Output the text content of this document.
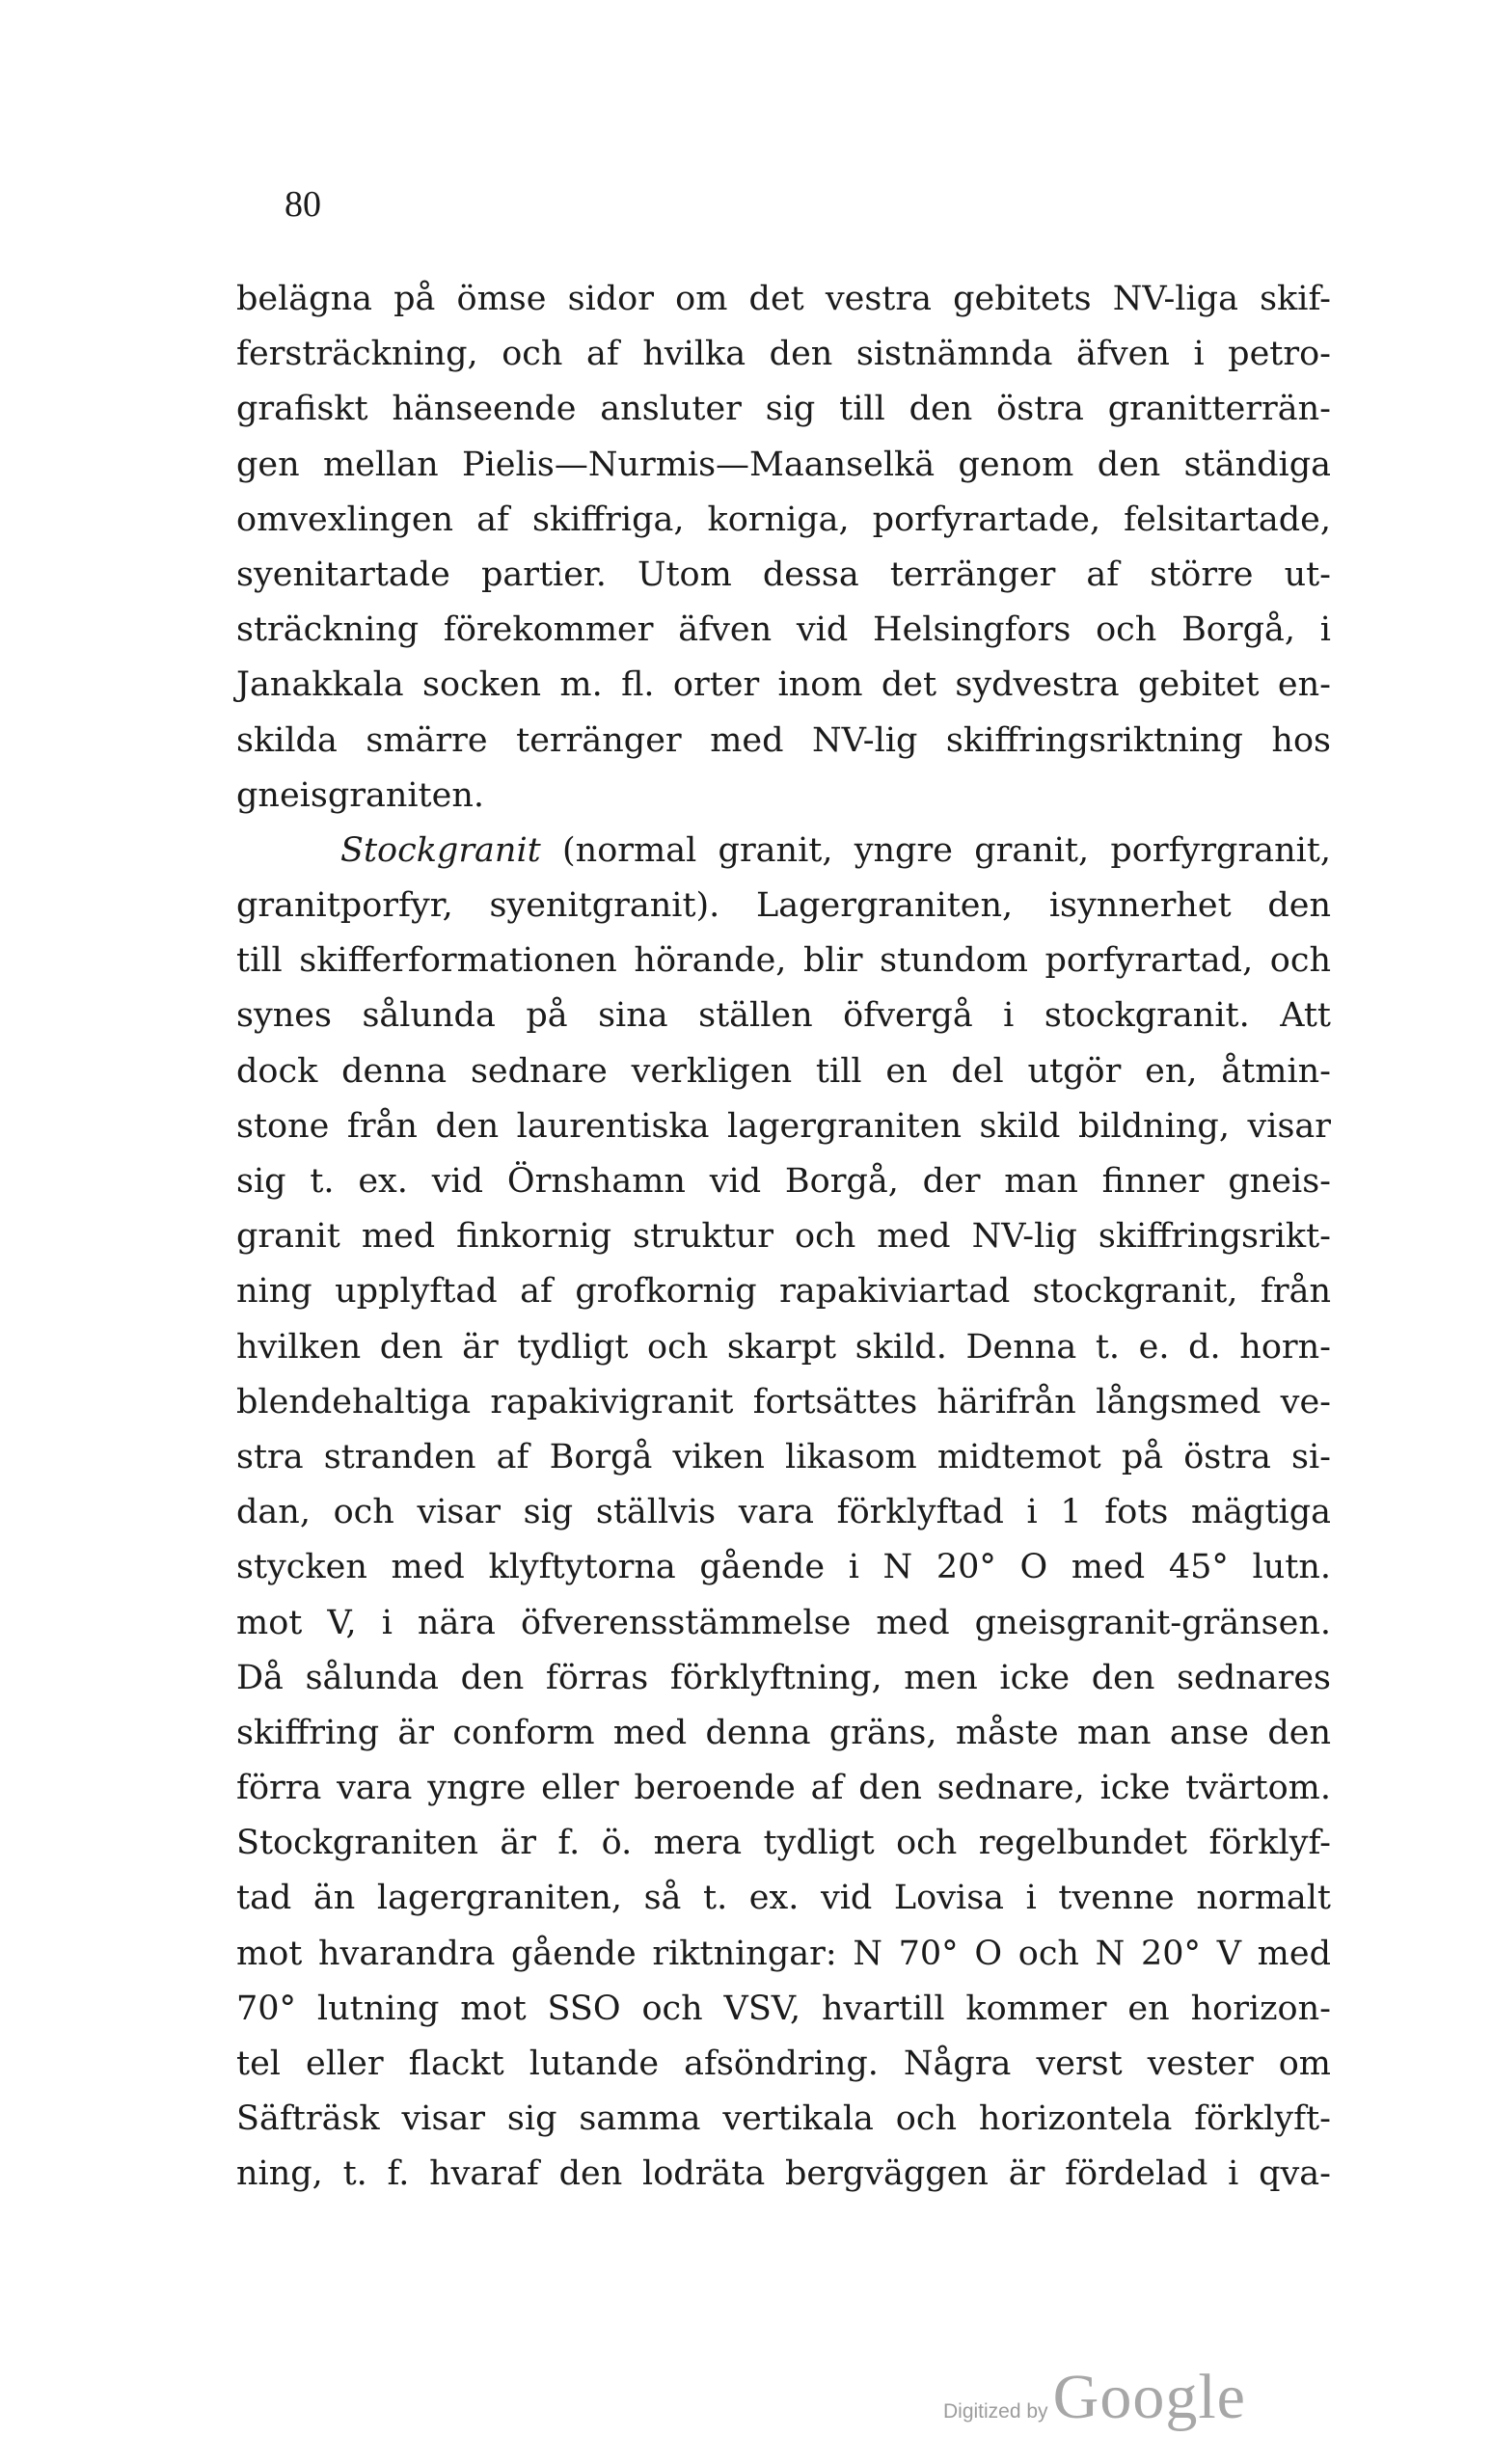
80
belägna på ömse sidor om det vestra gebitets NV-liga skif-
fersträckning, och af hvilka den sistnämnda äfven i petro-
grafiskt hänseende ansluter sig till den östra granitterrän-
gen mellan Pielis—Nurmis—Maanselkä genom den ständiga
omvexlingen af skiffriga, korniga, porfyrartade, felsitartade,
syenitartade partier. Utom dessa terränger af större ut-
sträckning förekommer äfven vid Helsingfors och Borgå, i
Janakkala socken m. fl. orter inom det sydvestra gebitet en-
skilda smärre terränger med NV-lig skiffringsriktning hos
gneisgraniten.
Stockgranit (normal granit, yngre granit, porfyrgranit,
granitporfyr, syenitgranit). Lagergraniten, isynnerhet den
till skifferformationen hörande, blir stundom porfyrartad, och
synes sålunda på sina ställen öfvergå i stockgranit. Att
dock denna sednare verkligen till en del utgör en, åtmin-
stone från den laurentiska lagergraniten skild bildning, visar
sig t. ex. vid Örnshamn vid Borgå, der man finner gneis-
granit med finkornig struktur och med NV-lig skiffringsrikt-
ning upplyftad af grofkornig rapakiviartad stockgranit, från
hvilken den är tydligt och skarpt skild. Denna t. e. d. horn-
blendehaltiga rapakivigranit fortsättes härifrån långsmed ve-
stra stranden af Borgå viken likasom midtemot på östra si-
dan, och visar sig ställvis vara förklyftad i 1 fots mägtiga
stycken med klyftytorna gående i N 20° O med 45° lutn.
mot V, i nära öfverensstämmelse med gneisgranit-gränsen.
Då sålunda den förras förklyftning, men icke den sednares
skiffring är conform med denna gräns, måste man anse den
förra vara yngre eller beroende af den sednare, icke tvärtom.
Stockgraniten är f. ö. mera tydligt och regelbundet förklyf-
tad än lagergraniten, så t. ex. vid Lovisa i tvenne normalt
mot hvarandra gående riktningar: N 70° O och N 20° V med
70° lutning mot SSO och VSV, hvartill kommer en horizon-
tel eller flackt lutande afsöndring. Några verst vester om
Säfträsk visar sig samma vertikala och horizontela förklyft-
ning, t. f. hvaraf den lodräta bergväggen är fördelad i qva-
Digitized by Google
